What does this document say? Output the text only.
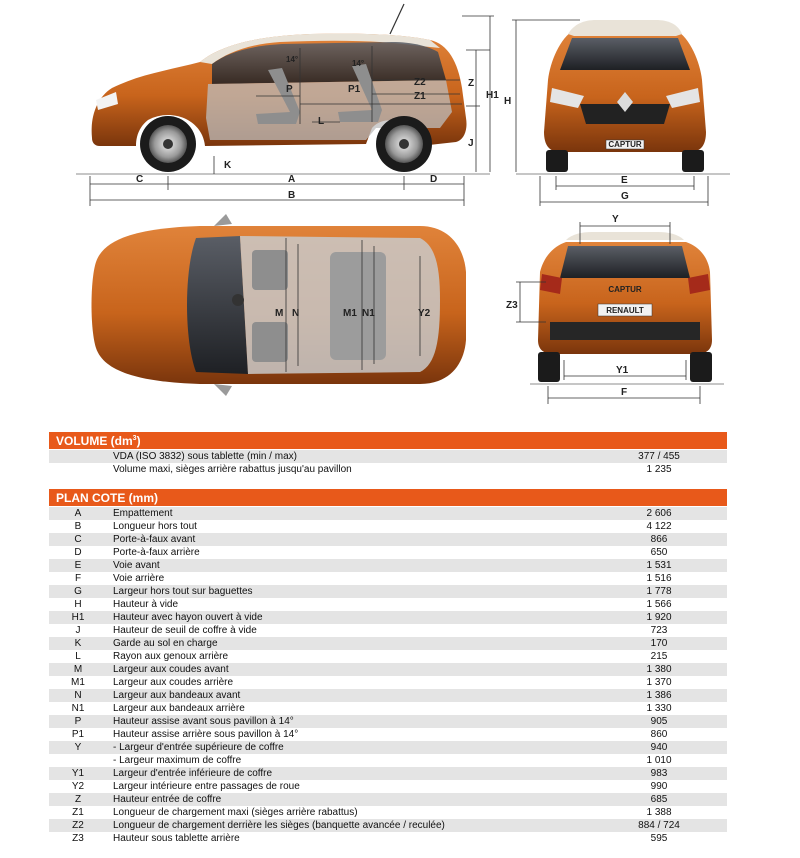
14°	14°
P	P1
Z2
Z1
L
K
C	A	D
B
Z
J
H1
CAPTUR
H
E
G
M N	M1 N1	Y2
CAPTUR
RENAULT
Y
Z3
Y1
F
VOLUME $(dm^3)$
VDA (ISO 3832) sous tablette (min / max)	377 / 455
Volume maxi, sièges arrière rabattus jusqu'au pavillon	1 235
PLAN COTE (mm)
A	Empattement	2 606
B	Longueur hors tout	4 122
C	Porte-à-faux avant	866
D	Porte-à-faux arrière	650
E	Voie avant	1 531
F	Voie arrière	1 516
G	Largeur hors tout sur baguettes	1 778
H	Hauteur à vide	1 566
H1	Hauteur avec hayon ouvert à vide	1 920
J	Hauteur de seuil de coffre à vide	723
K	Garde au sol en charge	170
L	Rayon aux genoux arrière	215
M	Largeur aux coudes avant	1 380
M1	Largeur aux coudes arrière	1 370
N	Largeur aux bandeaux avant	1 386
N1	Largeur aux bandeaux arrière	1 330
P	Hauteur assise avant sous pavillon à 14°	905
P1	Hauteur assise arrière sous pavillon à 14°	860
Y	- Largeur d'entrée supérieure de coffre	940
- Largeur maximum de coffre	1 010
Y1	Largeur d'entrée inférieure de coffre	983
Y2	Largeur intérieure entre passages de roue	990
Z	Hauteur entrée de coffre	685
Z1	Longueur de chargement maxi (sièges arrière rabattus)	1 388
Z2	Longueur de chargement derrière les sièges (banquette avancée / reculée)	884 / 724
Z3	Hauteur sous tablette arrière	595
